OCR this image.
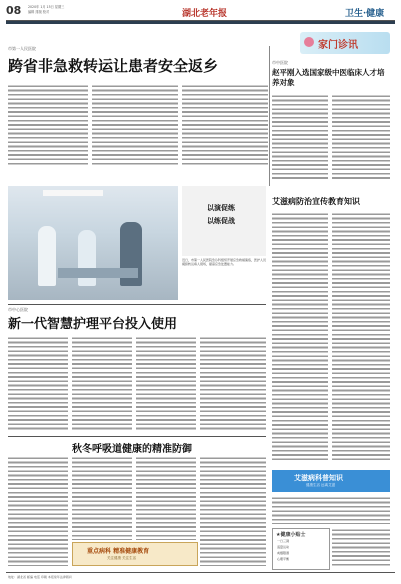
08 2020年 1月 15日 星期三
编辑 排版 校对	湖北老年报	卫生·健康
市第一人民医院
跨省非急救转运让患者安全返乡
家门诊讯
市中医院
赵平刚入选国家级中医临床人才培养对象
以演促练
以练促战
近日，市第一人民医院急诊科组织开展应急救援演练，医护人员模拟转运病人现场，提高应急处置能力。
艾滋病防治宣传教育知识
市中心医院
新一代智慧护理平台投入使用
艾滋病科普知识
健康生活 远离艾滋
秋冬呼吸道健康的精准防御
重点病科 精准健康教育
关注健康 关注生活
★健康小贴士
一日三餐
适量运动
戒烟限酒
心理平衡
地址：湖北省 邮编 电话 印刷 本报常年法律顾问
